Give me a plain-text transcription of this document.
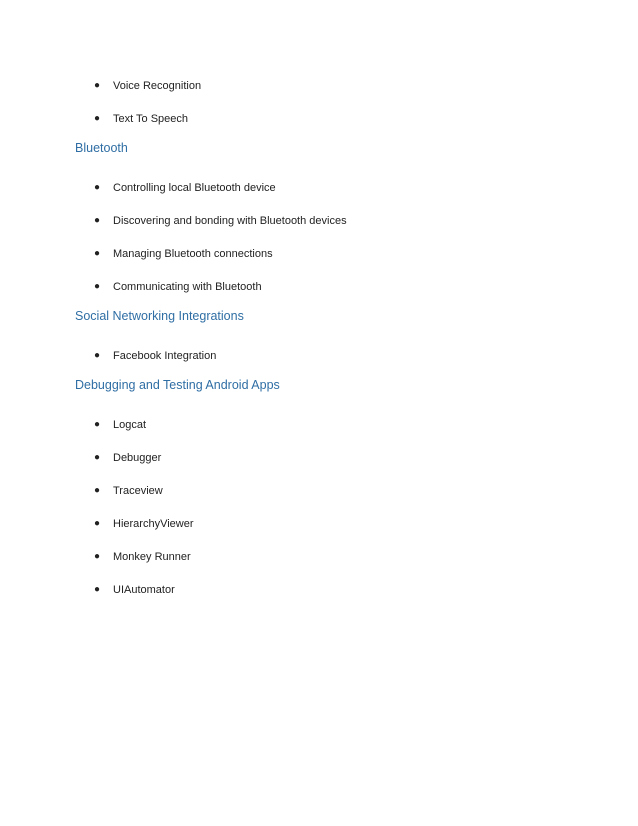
● Voice Recognition
● Text To Speech
Bluetooth
● Controlling local Bluetooth device
● Discovering and bonding with Bluetooth devices
● Managing Bluetooth connections
● Communicating with Bluetooth
Social Networking Integrations
● Facebook Integration
Debugging and Testing Android Apps
● Logcat
● Debugger
● Traceview
● HierarchyViewer
● Monkey Runner
● UIAutomator
